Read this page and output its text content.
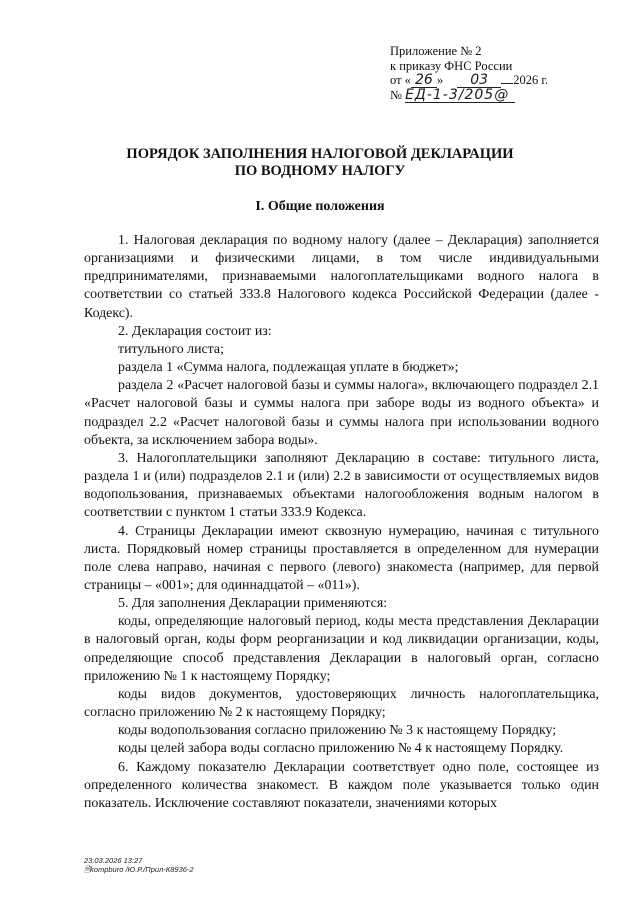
Приложение № 2
к приказу ФНС России
от « 26 » 03 2026 г.
№ ЕД-1-3/205@
ПОРЯДОК ЗАПОЛНЕНИЯ НАЛОГОВОЙ ДЕКЛАРАЦИИ
ПО ВОДНОМУ НАЛОГУ
I. Общие положения

1. Налоговая декларация по водному налогу (далее – Декларация) заполняется организациями и физическими лицами, в том числе индивидуальными предпринимателями, признаваемыми налогоплательщиками водного налога в соответствии со статьей 333.8 Налогового кодекса Российской Федерации (далее - Кодекс).

2. Декларация состоит из:

титульного листа;

раздела 1 «Сумма налога, подлежащая уплате в бюджет»;

раздела 2 «Расчет налоговой базы и суммы налога», включающего подраздел 2.1 «Расчет налоговой базы и суммы налога при заборе воды из водного объекта» и подраздел 2.2 «Расчет налоговой базы и суммы налога при использовании водного объекта, за исключением забора воды».

3. Налогоплательщики заполняют Декларацию в составе: титульного листа, раздела 1 и (или) подразделов 2.1 и (или) 2.2 в зависимости от осуществляемых видов водопользования, признаваемых объектами налогообложения водным налогом в соответствии с пунктом 1 статьи 333.9 Кодекса.

4. Страницы Декларации имеют сквозную нумерацию, начиная с титульного листа. Порядковый номер страницы проставляется в определенном для нумерации поле слева направо, начиная с первого (левого) знакоместа (например, для первой страницы – «001»; для одиннадцатой – «011»).

5. Для заполнения Декларации применяются:

коды, определяющие налоговый период, коды места представления Декларации в налоговый орган, коды форм реорганизации и код ликвидации организации, коды, определяющие способ представления Декларации в налоговый орган, согласно приложению № 1 к настоящему Порядку;

коды видов документов, удостоверяющих личность налогоплательщика, согласно приложению № 2 к настоящему Порядку;

коды водопользования согласно приложению № 3 к настоящему Порядку;

коды целей забора воды согласно приложению № 4 к настоящему Порядку.

6. Каждому показателю Декларации соответствует одно поле, состоящее из определенного количества знакомест. В каждом поле указывается только один показатель. Исключение составляют показатели, значениями которых

23.03.2026 13:27
🗎kompburo /Ю.Р./Прил-К8936-2
